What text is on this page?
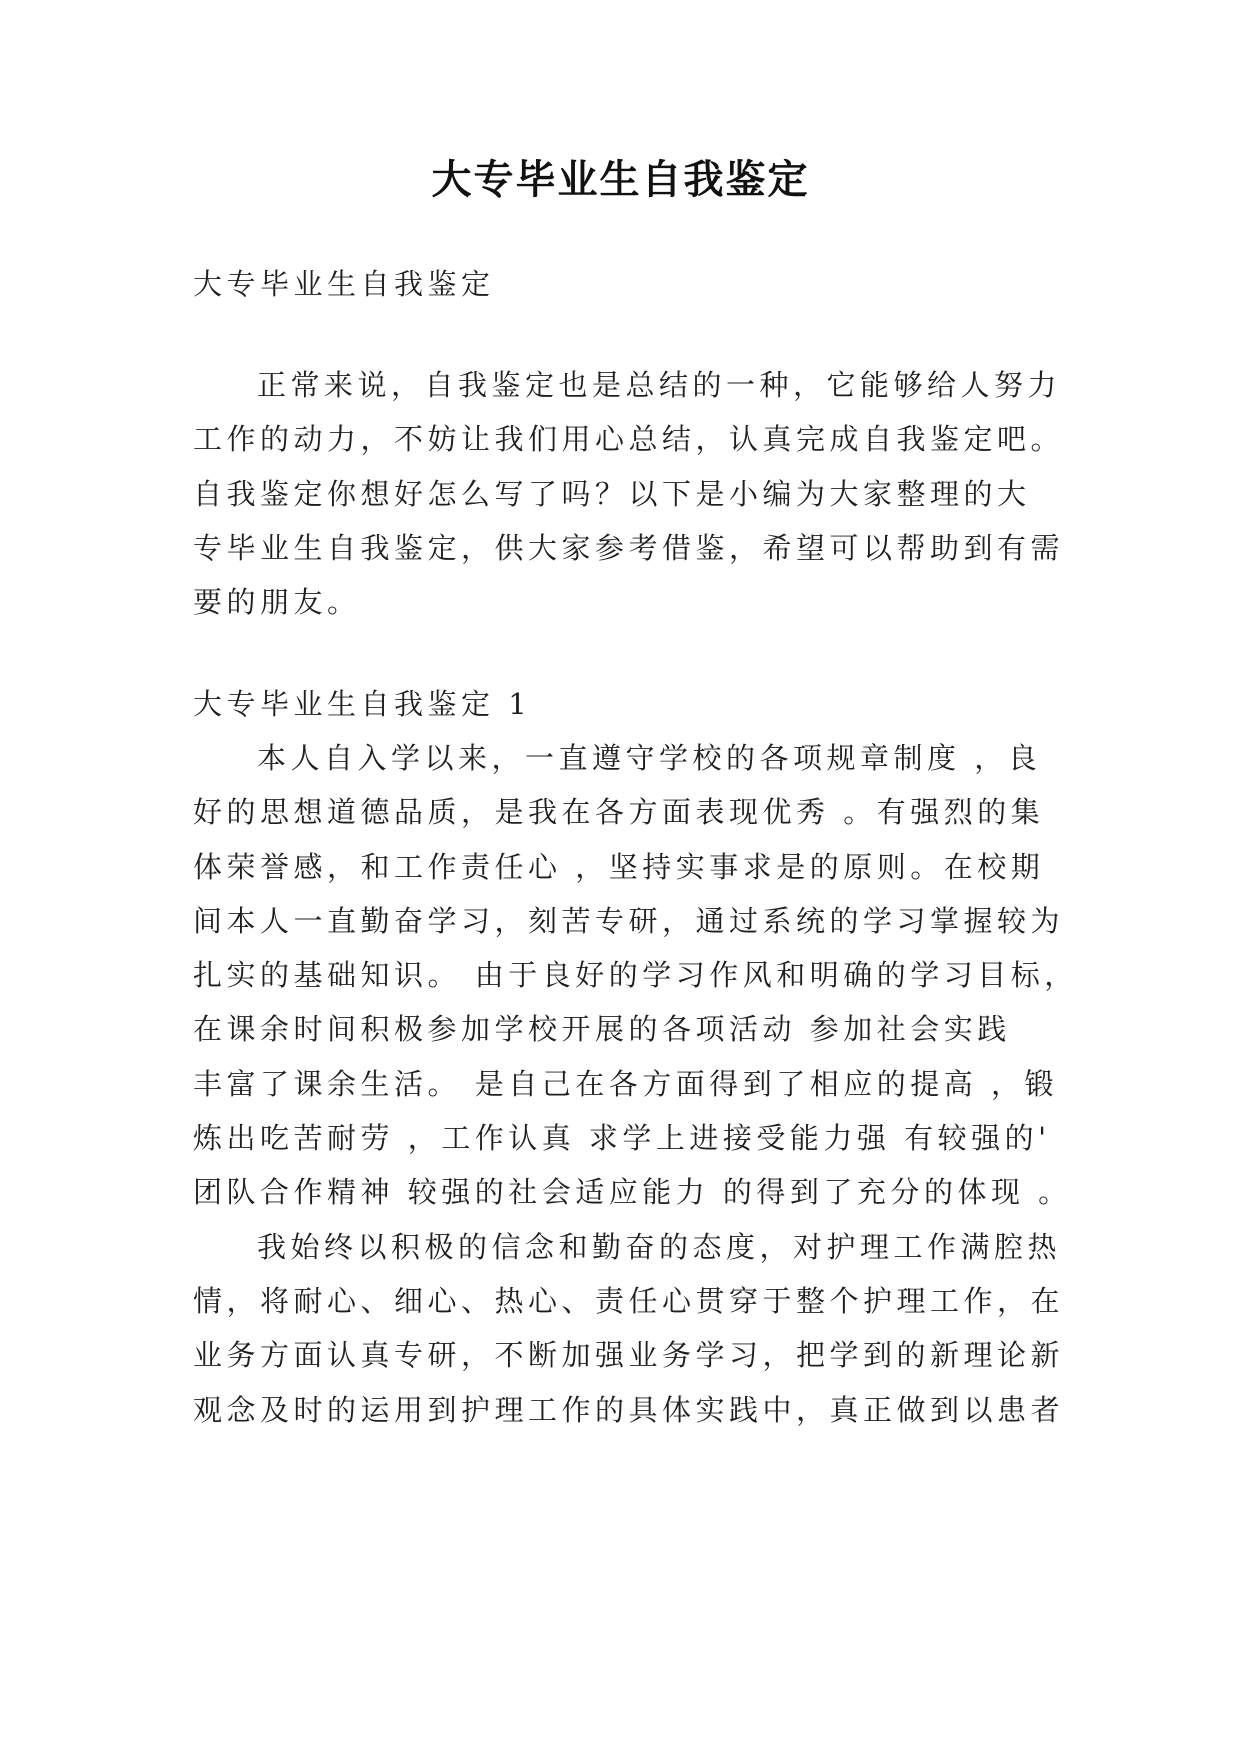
大专毕业生自我鉴定
大专毕业生自我鉴定
正常来说，自我鉴定也是总结的一种，它能够给人努力
工作的动力，不妨让我们用心总结，认真完成自我鉴定吧。
自我鉴定你想好怎么写了吗？以下是小编为大家整理的大
专毕业生自我鉴定，供大家参考借鉴，希望可以帮助到有需
要的朋友。
大专毕业生自我鉴定 1
本人自入学以来，一直遵守学校的各项规章制度 ，良
好的思想道德品质，是我在各方面表现优秀 。有强烈的集
体荣誉感，和工作责任心 ，坚持实事求是的原则。在校期
间本人一直勤奋学习，刻苦专研，通过系统的学习掌握较为
扎实的基础知识。 由于良好的学习作风和明确的学习目标，
在课余时间积极参加学校开展的各项活动 参加社会实践
丰富了课余生活。 是自己在各方面得到了相应的提高 ，锻
炼出吃苦耐劳 ，工作认真 求学上进接受能力强 有较强的'
团队合作精神 较强的社会适应能力 的得到了充分的体现 。
我始终以积极的信念和勤奋的态度，对护理工作满腔热
情，将耐心、细心、热心、责任心贯穿于整个护理工作，在
业务方面认真专研，不断加强业务学习，把学到的新理论新
观念及时的运用到护理工作的具体实践中，真正做到以患者
